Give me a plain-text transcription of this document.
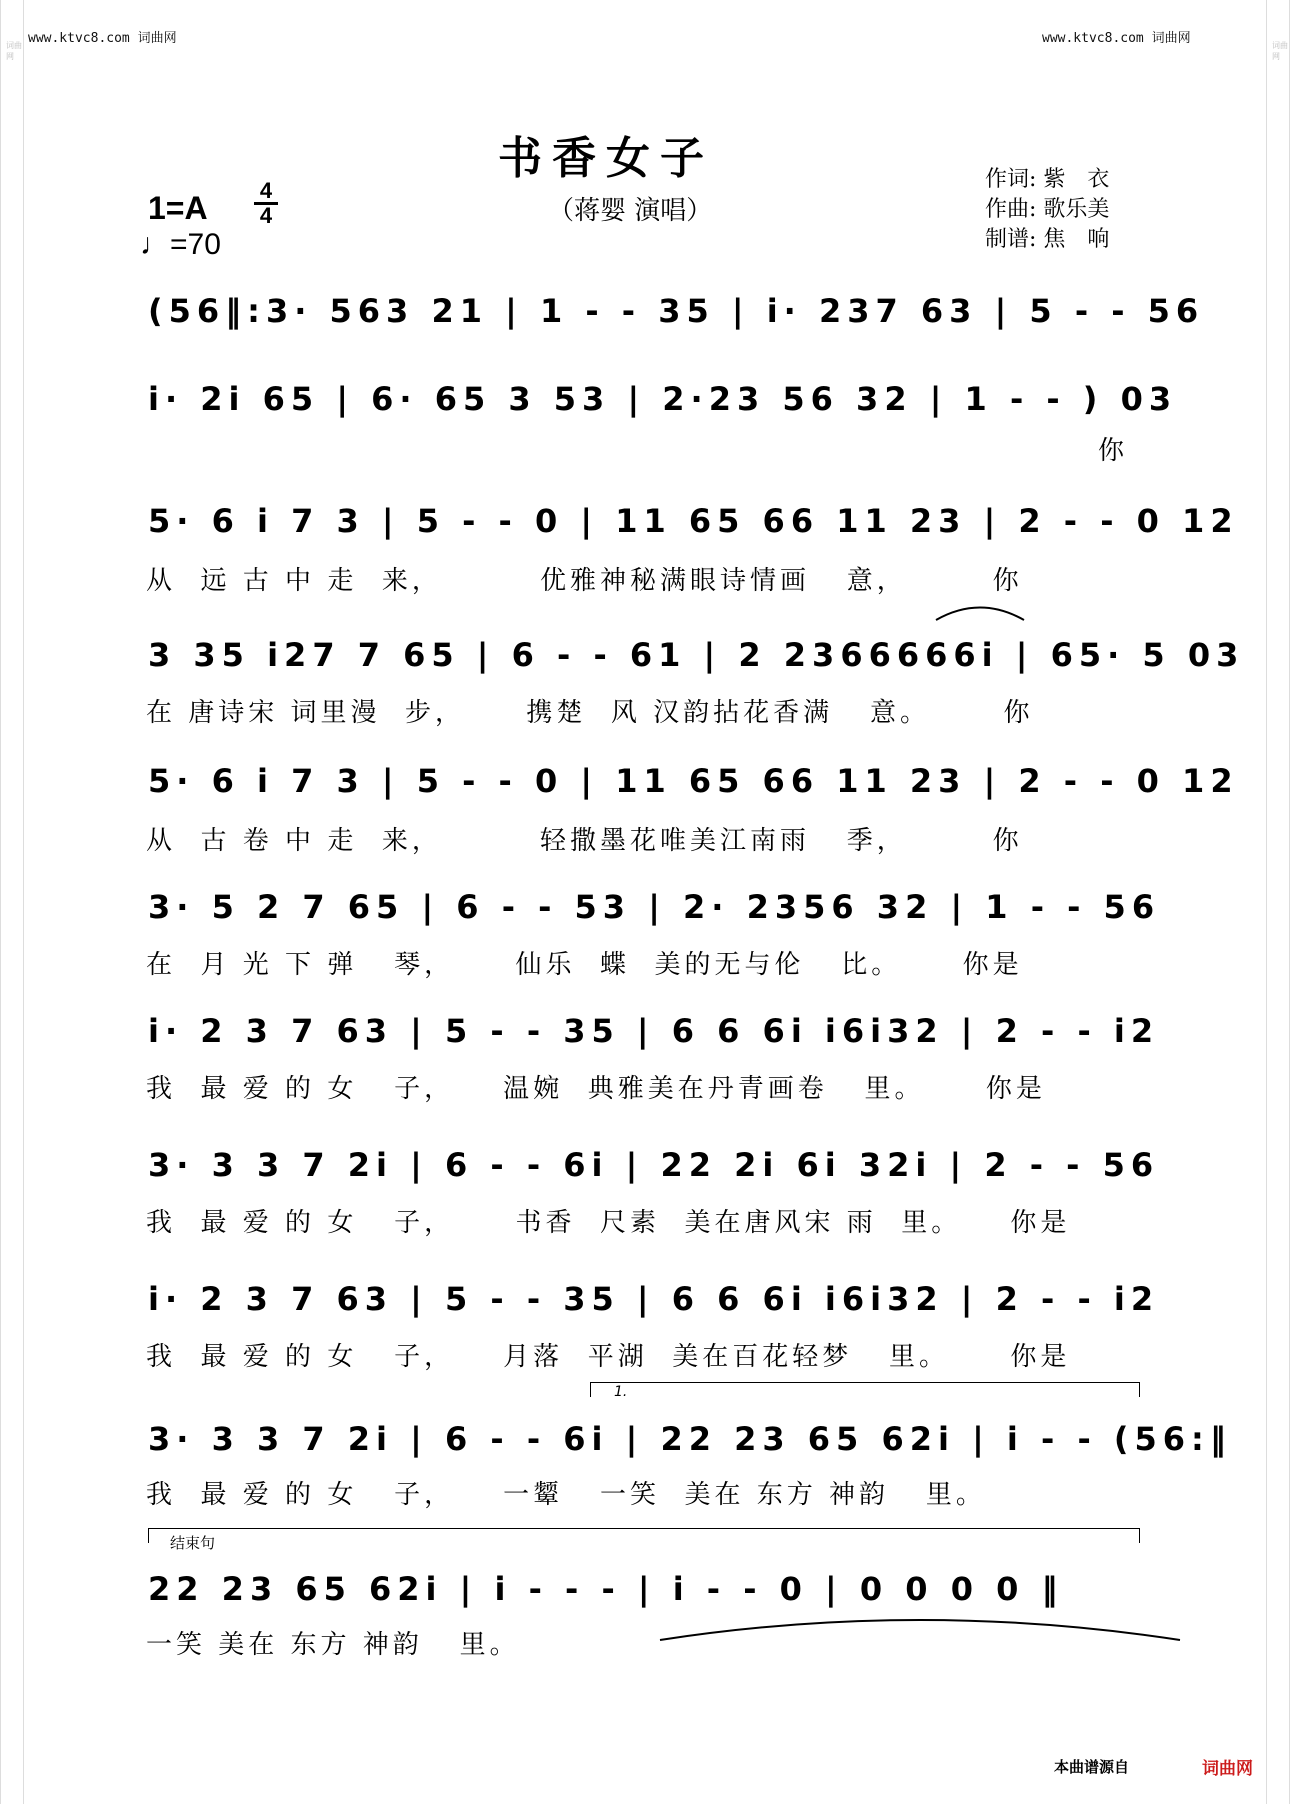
www.ktvc8.com 词曲网	www.ktvc8.com 词曲网
词曲网
词曲网
书香女子
（蒋婴 演唱）
作词: 紫　衣
作曲: 歌乐美
制谱: 焦　响
1=A 4
4
♩=70
(56‖:3· 563 21 | 1 - - 35 | i· 237 63 | 5 - - 56
i· 2i 65 | 6· 65 3 53 | 2·23 56 32 | 1 - - ) 03
你
5· 6 i 7 3 | 5 - - 0 | 11 65 66 11 23 | 2 - - 0 12
从  远 古 中 走  来，        优雅神秘满眼诗情画   意，       你
3 35 i27 7 65 | 6 - - 61 | 2 2366666i | 65· 5 03
在 唐诗宋 词里漫  步，     携楚  风 汉韵拈花香满   意。      你
5· 6 i 7 3 | 5 - - 0 | 11 65 66 11 23 | 2 - - 0 12
从  古 卷 中 走  来，        轻撒墨花唯美江南雨   季，       你
3· 5 2 7 65 | 6 - - 53 | 2· 2356 32 | 1 - - 56
在  月 光 下 弹   琴，     仙乐  蝶  美的无与伦   比。     你是
i· 2 3 7 63 | 5 - - 35 | 6 6 6i i6i32 | 2 - - i2
我  最 爱 的 女   子，    温婉  典雅美在丹青画卷   里。     你是
3· 3 3 7 2i | 6 - - 6i | 22 2i 6i 32i | 2 - - 56
我  最 爱 的 女   子，     书香  尺素  美在唐风宋 雨  里。    你是
i· 2 3 7 63 | 5 - - 35 | 6 6 6i i6i32 | 2 - - i2
我  最 爱 的 女   子，    月落  平湖  美在百花轻梦   里。     你是
1.
3· 3 3 7 2i | 6 - - 6i | 22 23 65 62i | i - - (56:‖
我  最 爱 的 女   子，    一颦   一笑  美在 东方 神韵   里。
结束句
22 23 65 62i | i - - - | i - - 0 | 0 0 0 0 ‖
一笑 美在 东方 神韵   里。
本曲谱源自	词曲网
